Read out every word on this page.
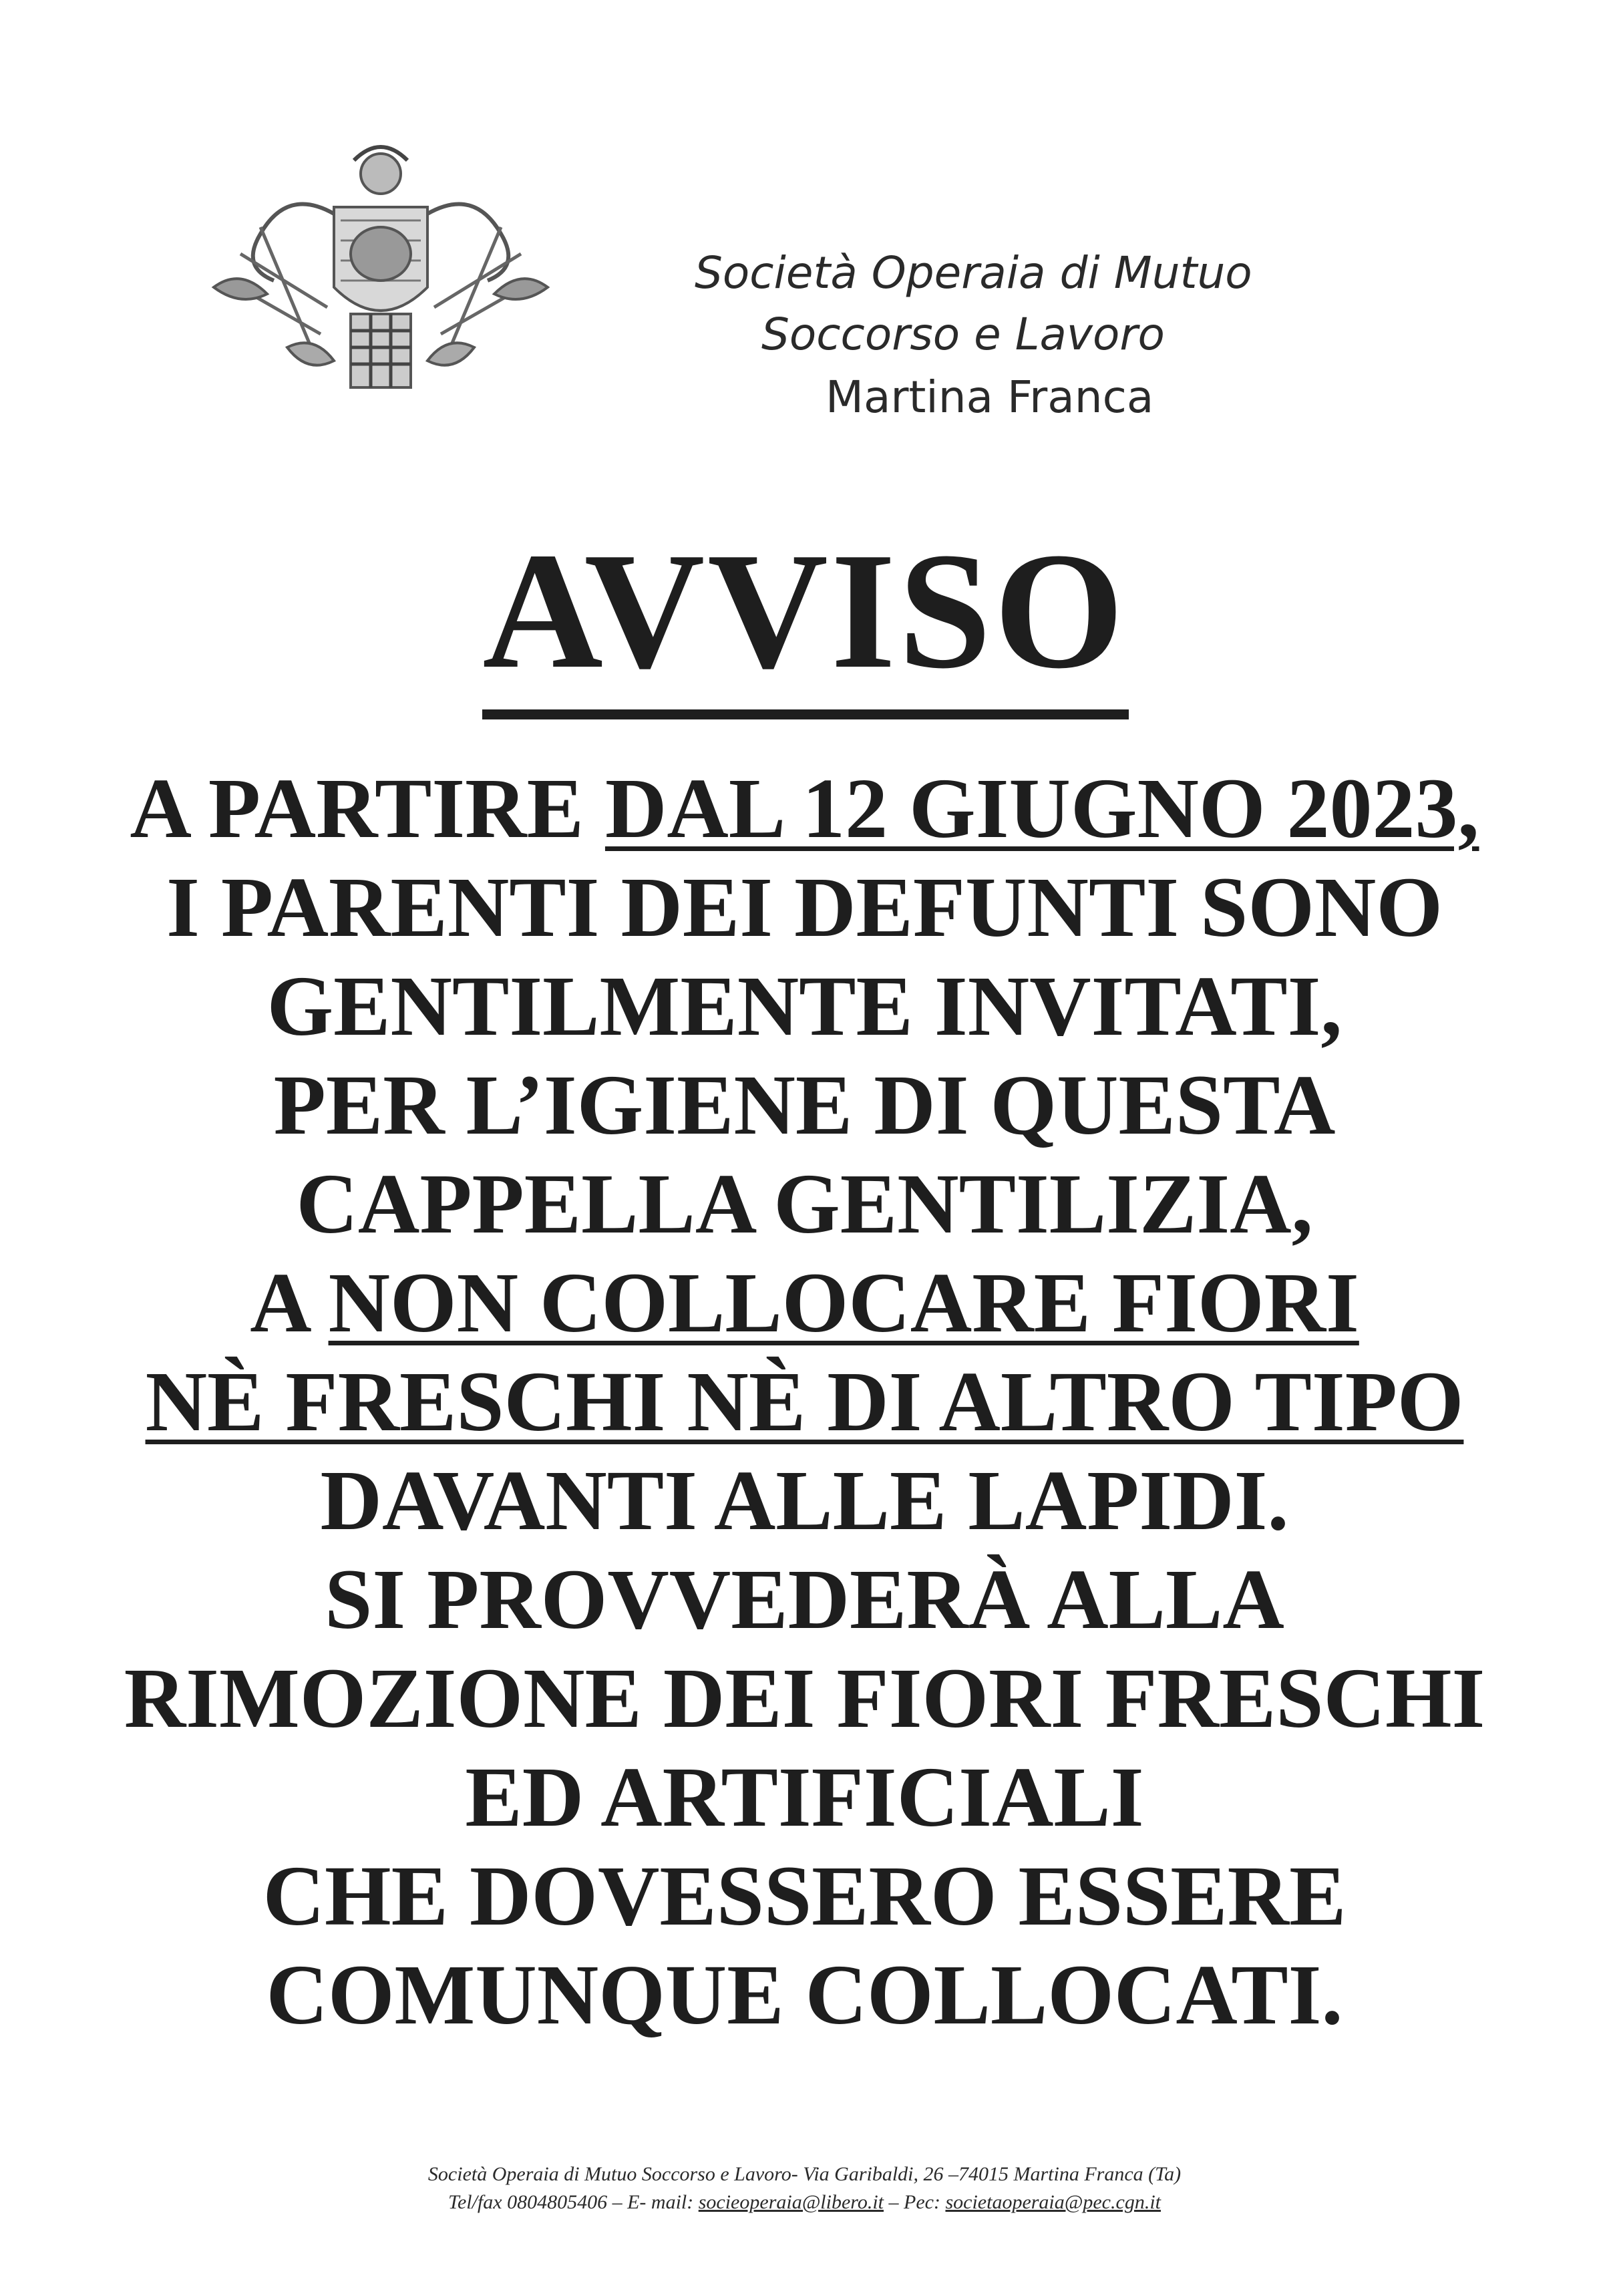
Società Operaia di Mutuo
Soccorso e Lavoro
Martina Franca
AVVISO
A PARTIRE DAL 12 GIUGNO 2023,
I PARENTI DEI DEFUNTI SONO
GENTILMENTE INVITATI,
PER L’IGIENE DI QUESTA
CAPPELLA GENTILIZIA,
A NON COLLOCARE FIORI
NÈ FRESCHI NÈ DI ALTRO TIPO
DAVANTI ALLE LAPIDI.
SI PROVVEDERÀ ALLA
RIMOZIONE DEI FIORI FRESCHI
ED ARTIFICIALI
CHE DOVESSERO ESSERE
COMUNQUE COLLOCATI.
Società Operaia di Mutuo Soccorso e Lavoro- Via Garibaldi, 26 –74015 Martina Franca (Ta)
Tel/fax 0804805406 – E- mail: socieoperaia@libero.it – Pec: societaoperaia@pec.cgn.it
